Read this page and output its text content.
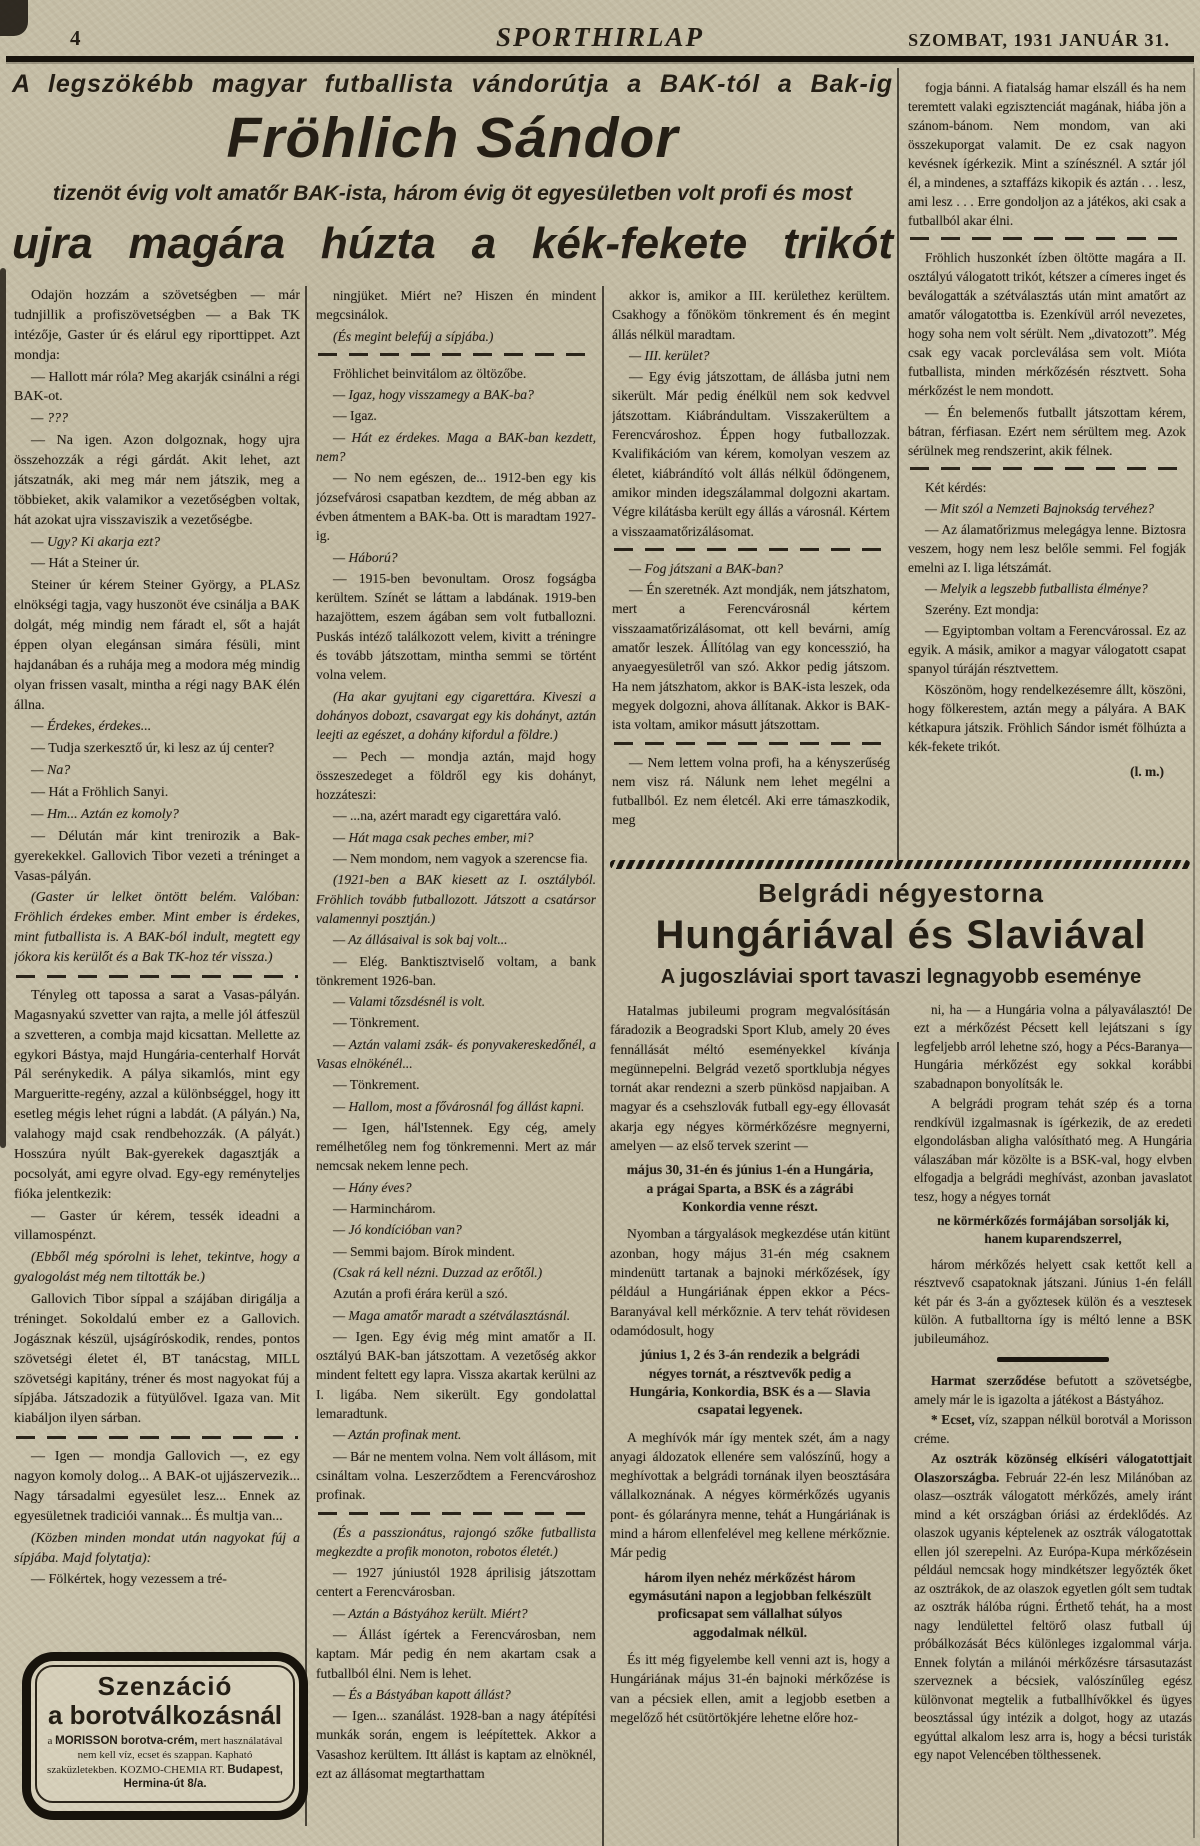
4	SPORTHIRLAP	SZOMBAT, 1931 JANUÁR 31.
A legszökébb magyar futballista vándorútja a BAK-tól a Bak-ig
Fröhlich Sándor
tizenöt évig volt amatőr BAK-ista, három évig öt egyesületben volt profi és most
ujra magára húzta a kék-fekete trikót

Odajön hozzám a szövetségben — már tudnjillik a profiszövetségben — a Bak TK intézője, Gaster úr és elárul egy riporttippet. Azt mondja:

— Hallott már róla? Meg akarják csinálni a régi BAK-ot.

— ???

— Na igen. Azon dolgoznak, hogy ujra összehozzák a régi gárdát. Akit lehet, azt játszatnák, aki meg már nem játszik, meg a többieket, akik valamikor a vezetőségben voltak, hát azokat ujra visszaviszik a vezetőségbe.

— Ugy? Ki akarja ezt?

— Hát a Steiner úr.

Steiner úr kérem Steiner György, a PLASz elnökségi tagja, vagy huszonöt éve csinálja a BAK dolgát, még mindig nem fáradt el, sőt a haját éppen olyan elegánsan simára fésüli, mint hajdanában és a ruhája meg a modora még mindig olyan frissen vasalt, mintha a régi nagy BAK élén állna.

— Érdekes, érdekes...

— Tudja szerkesztő úr, ki lesz az új center?

— Na?

— Hát a Fröhlich Sanyi.

— Hm... Aztán ez komoly?

— Délután már kint trenirozik a Bak-gyerekekkel. Gallovich Tibor vezeti a tréninget a Vasas-pályán.

(Gaster úr lelket öntött belém. Valóban: Fröhlich érdekes ember. Mint ember is érdekes, mint futballista is. A BAK-ból indult, megtett egy jókora kis kerülőt és a Bak TK-hoz tér vissza.)

Tényleg ott tapossa a sarat a Vasas-pályán. Magasnyakú szvetter van rajta, a melle jól átfeszül a szvetteren, a combja majd kicsattan. Mellette az egykori Bástya, majd Hungária-centerhalf Horvát Pál serénykedik. A pálya sikamlós, mint egy Margueritte-regény, azzal a különbséggel, hogy itt esetleg mégis lehet rúgni a labdát. (A pályán.) Na, valahogy majd csak rendbehozzák. (A pályát.) Hosszúra nyúlt Bak-gyerekek dagasztják a pocsolyát, ami egyre olvad. Egy-egy reményteljes fióka jelentkezik:

— Gaster úr kérem, tessék ideadni a villamospénzt.

(Ebből még spórolni is lehet, tekintve, hogy a gyalogolást még nem tiltották be.)

Gallovich Tibor síppal a szájában dirigálja a tréninget. Sokoldalú ember ez a Gallovich. Jogásznak készül, ujságíróskodik, rendes, pontos szövetségi életet él, BT tanácstag, MILL szövetségi kapitány, tréner és most nagyokat fúj a sípjába. Játszadozik a fütyülővel. Igaza van. Mit kiabáljon ilyen sárban.

— Igen — mondja Gallovich —, ez egy nagyon komoly dolog... A BAK-ot ujjászervezik... Nagy társadalmi egyesület lesz... Ennek az egyesületnek tradiciói vannak... És multja van...

(Közben minden mondat után nagyokat fúj a sípjába. Majd folytatja):

— Fölkértek, hogy vezessem a tré-

ningjüket. Miért ne? Hiszen én mindent megcsinálok.

(És megint belefúj a sípjába.)

Fröhlichet beinvitálom az öltözőbe.

— Igaz, hogy visszamegy a BAK-ba?

— Igaz.

— Hát ez érdekes. Maga a BAK-ban kezdett, nem?

— No nem egészen, de... 1912-ben egy kis józsefvárosi csapatban kezdtem, de még abban az évben átmentem a BAK-ba. Ott is maradtam 1927-ig.

— Háború?

— 1915-ben bevonultam. Orosz fogságba kerültem. Színét se láttam a labdának. 1919-ben hazajöttem, eszem ágában sem volt futballozni. Puskás intéző találkozott velem, kivitt a tréningre és tovább játszottam, mintha semmi se történt volna velem.

(Ha akar gyujtani egy cigarettára. Kiveszi a dohányos dobozt, csavargat egy kis dohányt, aztán leejti az egészet, a dohány kifordul a földre.)

— Pech — mondja aztán, majd hogy összeszedeget a földről egy kis dohányt, hozzáteszi:

— ...na, azért maradt egy cigarettára való.

— Hát maga csak peches ember, mi?

— Nem mondom, nem vagyok a szerencse fia.

(1921-ben a BAK kiesett az I. osztályból. Fröhlich tovább futballozott. Játszott a csatársor valamennyi posztján.)

— Az állásaival is sok baj volt...

— Elég. Banktisztviselő voltam, a bank tönkrement 1926-ban.

— Valami tőzsdésnél is volt.

— Tönkrement.

— Aztán valami zsák- és ponyvakereskedőnél, a Vasas elnökénél...

— Tönkrement.

— Hallom, most a fővárosnál fog állást kapni.

— Igen, hál'Istennek. Egy cég, amely remélhetőleg nem fog tönkremenni. Mert az már nemcsak nekem lenne pech.

— Hány éves?

— Harminchárom.

— Jó kondícióban van?

— Semmi bajom. Bírok mindent.

(Csak rá kell nézni. Duzzad az erőtől.)

Azután a profi érára kerül a szó.

— Maga amatőr maradt a szétválasztásnál.

— Igen. Egy évig még mint amatőr a II. osztályú BAK-ban játszottam. A vezetőség akkor mindent feltett egy lapra. Vissza akartak kerülni az I. ligába. Nem sikerült. Egy gondolattal lemaradtunk.

— Aztán profinak ment.

— Bár ne mentem volna. Nem volt állásom, mit csináltam volna. Leszerződtem a Ferencvároshoz profinak.

(És a passzionátus, rajongó szőke futballista megkezdte a profik monoton, robotos életét.)

— 1927 júniustól 1928 áprilisig játszottam centert a Ferencvárosban.

— Aztán a Bástyához került. Miért?

— Állást ígértek a Ferencvárosban, nem kaptam. Már pedig én nem akartam csak a futballból élni. Nem is lehet.

— És a Bástyában kapott állást?

— Igen... szanálást. 1928-ban a nagy átépítési munkák során, engem is leépítettek. Akkor a Vasashoz kerültem. Itt állást is kaptam az elnöknél, ezt az állásomat megtarthattam

akkor is, amikor a III. kerülethez kerültem. Csakhogy a főnököm tönkrement és én megint állás nélkül maradtam.

— III. kerület?

— Egy évig játszottam, de állásba jutni nem sikerült. Már pedig énélkül nem sok kedvvel játszottam. Kiábrándultam. Visszakerültem a Ferencvároshoz. Éppen hogy futballozzak. Kvalifikációm van kérem, komolyan veszem az életet, kiábrándító volt állás nélkül ődöngenem, amikor minden idegszálammal dolgozni akartam. Végre kilátásba került egy állás a városnál. Kértem a visszaamatőrizálásomat.

— Fog játszani a BAK-ban?

— Én szeretnék. Azt mondják, nem játszhatom, mert a Ferencvárosnál kértem visszaamatőrizálásomat, ott kell bevárni, amíg amatőr leszek. Állítólag van egy koncesszió, ha anyaegyesületről van szó. Akkor pedig játszom. Ha nem játszhatom, akkor is BAK-ista leszek, oda megyek dolgozni, ahova állítanak. Akkor is BAK-ista voltam, amikor másutt játszottam.

— Nem lettem volna profi, ha a kényszerűség nem visz rá. Nálunk nem lehet megélni a futballból. Ez nem életcél. Aki erre támaszkodik, meg

fogja bánni. A fiatalság hamar elszáll és ha nem teremtett valaki egzisztenciát magának, hiába jön a szánom-bánom. Nem mondom, van aki összekuporgat valamit. De ez csak nagyon kevésnek ígérkezik. Mint a színésznél. A sztár jól él, a mindenes, a sztaffázs kikopik és aztán . . . lesz, ami lesz . . . Erre gondoljon az a játékos, aki csak a futballból akar élni.

Fröhlich huszonkét ízben öltötte magára a II. osztályú válogatott trikót, kétszer a címeres inget és beválogatták a szétválasztás után mint amatőrt az amatőr válogatottba is. Ezenkívül arról nevezetes, hogy soha nem volt sérült. Nem „divatozott”. Még csak egy vacak porcleválása sem volt. Mióta futballista, minden mérkőzésén résztvett. Soha mérkőzést le nem mondott.

— Én belemenős futballt játszottam kérem, bátran, férfiasan. Ezért nem sérültem meg. Azok sérülnek meg rendszerint, akik félnek.

Két kérdés:

— Mit szól a Nemzeti Bajnokság tervéhez?

— Az álamatőrizmus melegágya lenne. Biztosra veszem, hogy nem lesz belőle semmi. Fel fogják emelni az I. liga létszámát.

— Melyik a legszebb futballista élménye?

Szerény. Ezt mondja:

— Egyiptomban voltam a Ferencvárossal. Ez az egyik. A másik, amikor a magyar válogatott csapat spanyol túráján résztvettem.

Köszönöm, hogy rendelkezésemre állt, köszöni, hogy fölkerestem, aztán megy a pályára. A BAK kétkapura játszik. Fröhlich Sándor ismét fölhúzta a kék-fekete trikót.

(l. m.)

Belgrádi négyestorna
Hungáriával és Slaviával
A jugoszláviai sport tavaszi legnagyobb eseménye

Hatalmas jubileumi program megvalósításán fáradozik a Beogradski Sport Klub, amely 20 éves fennállását méltó eseményekkel kívánja megünnepelni. Belgrád vezető sportklubja négyes tornát akar rendezni a szerb pünkösd napjaiban. A magyar és a csehszlovák futball egy-egy éllovasát akarja egy négyes körmérkőzésre megnyerni, amelyen — az első tervek szerint —

május 30, 31-én és június 1-én a Hungária, a prágai Sparta, a BSK és a zágrábi Konkordia venne részt.

Nyomban a tárgyalások megkezdése után kitünt azonban, hogy május 31-én még csaknem mindenütt tartanak a bajnoki mérkőzések, így például a Hungáriának éppen ekkor a Pécs-Baranyával kell mérkőznie. A terv tehát rövidesen odamódosult, hogy

június 1, 2 és 3-án rendezik a belgrádi négyes tornát, a résztvevők pedig a Hungária, Konkordia, BSK és a — Slavia csapatai legyenek.

A meghívók már így mentek szét, ám a nagy anyagi áldozatok ellenére sem valószínű, hogy a meghívottak a belgrádi tornának ilyen beosztására vállalkoznának. A négyes körmérkőzés ugyanis pont- és gólarányra menne, tehát a Hungáriának is mind a három ellenfelével meg kellene mérkőznie. Már pedig

három ilyen nehéz mérkőzést három egymásutáni napon a legjobban felkészült proficsapat sem vállalhat súlyos aggodalmak nélkül.

És itt még figyelembe kell venni azt is, hogy a Hungáriának május 31-én bajnoki mérkőzése is van a pécsiek ellen, amit a legjobb esetben a megelőző hét csütörtökjére lehetne előre hoz-

ni, ha — a Hungária volna a pályaválasztó! De ezt a mérkőzést Pécsett kell lejátszani s így legfeljebb arról lehetne szó, hogy a Pécs-Baranya—Hungária mérkőzést egy sokkal korábbi szabadnapon bonyolítsák le.

A belgrádi program tehát szép és a torna rendkívül izgalmasnak is ígérkezik, de az eredeti elgondolásban aligha valósítható meg. A Hungária válaszában már közölte is a BSK-val, hogy elvben elfogadja a belgrádi meghívást, azonban javaslatot tesz, hogy a négyes tornát

ne körmérkőzés formájában sorsolják ki, hanem kuparendszerrel,

három mérkőzés helyett csak kettőt kell a résztvevő csapatoknak játszani. Június 1-én feláll két pár és 3-án a győztesek külön és a vesztesek külön. A futballtorna így is méltó lenne a BSK jubileumához.

Harmat szerződése befutott a szövetségbe, amely már le is igazolta a játékost a Bástyához.

* Ecset, víz, szappan nélkül borotvál a Morisson créme.

Az osztrák közönség elkíséri válogatottjait Olaszországba. Február 22-én lesz Milánóban az olasz—osztrák válogatott mérkőzés, amely iránt mind a két országban óriási az érdeklődés. Az olaszok ugyanis képtelenek az osztrák válogatottak ellen jól szerepelni. Az Európa-Kupa mérkőzésein például nemcsak hogy mindkétszer legyőzték őket az osztrákok, de az olaszok egyetlen gólt sem tudtak az osztrák hálóba rúgni. Érthető tehát, ha a most nagy lendülettel feltörő olasz futball új próbálkozását Bécs különleges izgalommal várja. Ennek folytán a milánói mérkőzésre társasutazást szerveznek a bécsiek, valószínűleg egész különvonat megtelik a futballhívőkkel és ügyes beosztással úgy intézik a dolgot, hogy az utazás egyúttal alkalom lesz arra is, hogy a bécsi turisták egy napot Velencében tölthessenek.

Szenzáció
a borotválkozásnál
a MORISSON borotva-crém, mert használatával nem kell víz, ecset és szappan. Kapható szaküzletekben. KOZMO-CHEMIA RT. Budapest, Hermina-út 8/a.
